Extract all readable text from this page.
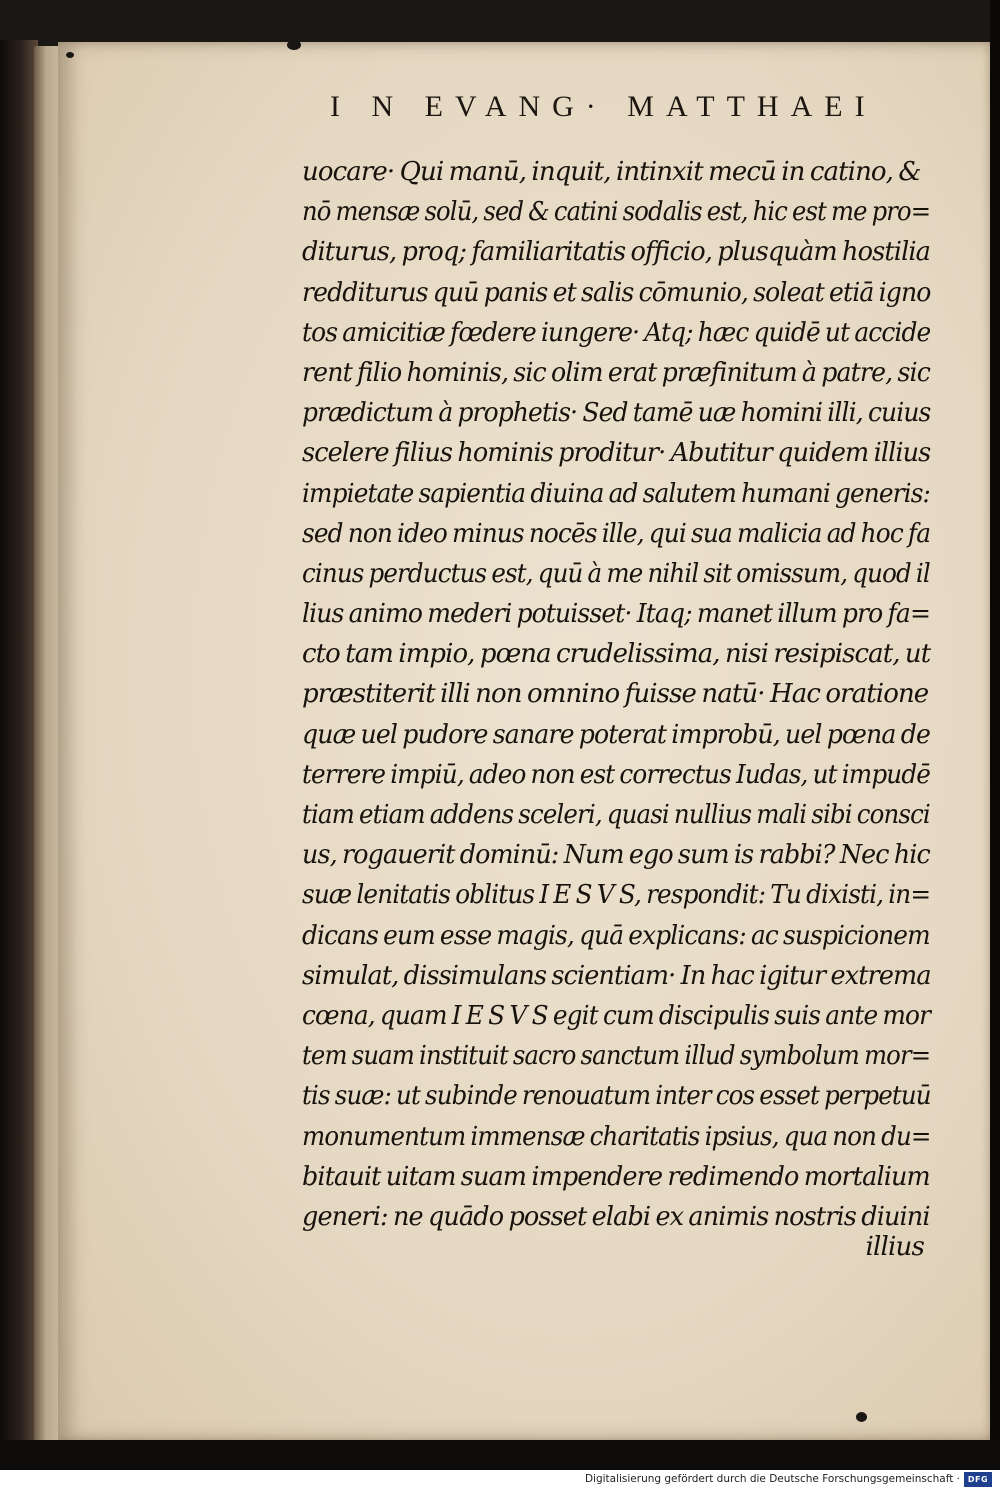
I N EVANG· MATTHAEI
uocare· Qui manū, inquit, intinxit mecū in catino, &
nō mensæ solū, sed & catini sodalis est, hic est me pro=
diturus, proq; familiaritatis officio, plusquàm hostilia
redditurus quū panis et salis cōmunio, soleat etiā igno
tos amicitiæ fœdere iungere· Atq; hæc quidē ut accide
rent filio hominis, sic olim erat præfinitum à patre, sic
prædictum à prophetis· Sed tamē uæ homini illi, cuius
scelere filius hominis proditur· Abutitur quidem illius
impietate sapientia diuina ad salutem humani generis:
sed non ideo minus nocēs ille, qui sua malicia ad hoc fa
cinus perductus est, quū à me nihil sit omissum, quod il
lius animo mederi potuisset· Itaq; manet illum pro fa=
cto tam impio, pœna crudelissima, nisi resipiscat, ut
præstiterit illi non omnino fuisse natū· Hac oratione
quæ uel pudore sanare poterat improbū, uel pœna de
terrere impiū, adeo non est correctus Iudas, ut impudē
tiam etiam addens sceleri, quasi nullius mali sibi consci
us, rogauerit dominū: Num ego sum is rabbi? Nec hic
suæ lenitatis oblitus I E S V S, respondit: Tu dixisti, in=
dicans eum esse magis, quā explicans: ac suspicionem
simulat, dissimulans scientiam· In hac igitur extrema
cœna, quam I E S V S egit cum discipulis suis ante mor
tem suam instituit sacro sanctum illud symbolum mor=
tis suæ: ut subinde renouatum inter cos esset perpetuū
monumentum immensæ charitatis ipsius, qua non du=
bitauit uitam suam impendere redimendo mortalium
generi: ne quādo posset elabi ex animis nostris diuini
illius
Digitalisierung gefördert durch die Deutsche Forschungsgemeinschaft · DFG
